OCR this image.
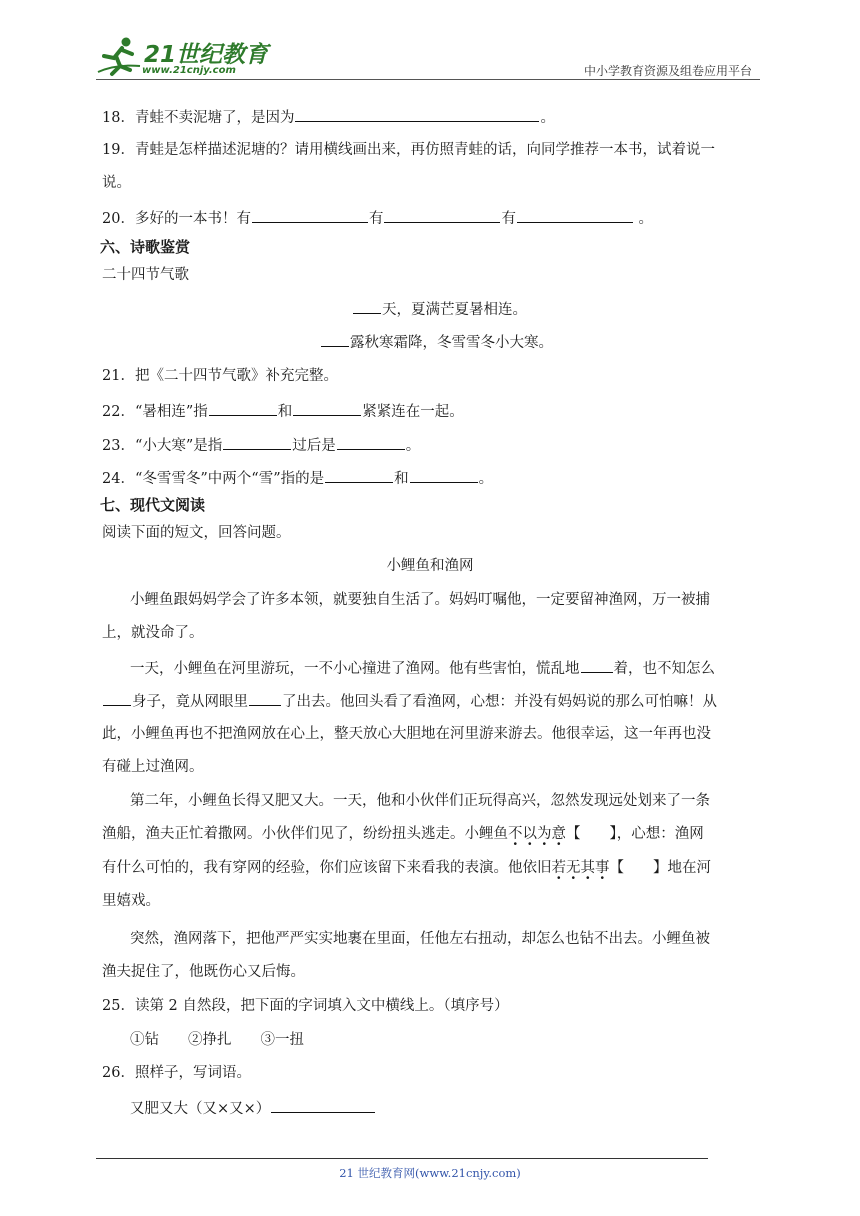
21世纪教育
www.21cnjy.com	中小学教育资源及组卷应用平台
18．青蛙不卖泥塘了，是因为	。
19．青蛙是怎样描述泥塘的？请用横线画出来，再仿照青蛙的话，向同学推荐一本书，试着说一
说。
20．多好的一本书！有	有	有	。
六、诗歌鉴赏
二十四节气歌
天，夏满芒夏暑相连。
露秋寒霜降，冬雪雪冬小大寒。
21．把《二十四节气歌》补充完整。
22．“暑相连”指	和	紧紧连在一起。
23．“小大寒”是指	过后是	。
24．“冬雪雪冬”中两个“雪”指的是	和	。
七、现代文阅读
阅读下面的短文，回答问题。
小鲤鱼和渔网
小鲤鱼跟妈妈学会了许多本领，就要独自生活了。妈妈叮嘱他，一定要留神渔网，万一被捕
上，就没命了。
一天，小鲤鱼在河里游玩，一不小心撞进了渔网。他有些害怕，慌乱地 着，也不知怎么
身子，竟从网眼里 了出去。他回头看了看渔网，心想：并没有妈妈说的那么可怕嘛！从
此，小鲤鱼再也不把渔网放在心上，整天放心大胆地在河里游来游去。他很幸运，这一年再也没
有碰上过渔网。
第二年，小鲤鱼长得又肥又大。一天，他和小伙伴们正玩得高兴，忽然发现远处划来了一条
渔船，渔夫正忙着撒网。小伙伴们见了，纷纷扭头逃走。小鲤鱼不以为意【　　】，心想：渔网
有什么可怕的，我有穿网的经验，你们应该留下来看我的表演。他依旧若无其事【　　】地在河
里嬉戏。
突然，渔网落下，把他严严实实地裹在里面，任他左右扭动，却怎么也钻不出去。小鲤鱼被
渔夫捉住了，他既伤心又后悔。
25．读第 2 自然段，把下面的字词填入文中横线上。（填序号）
①钻　　②挣扎　　③一扭
26．照样子，写词语。
又肥又大（又×又×）
21 世纪教育网(www.21cnjy.com)
